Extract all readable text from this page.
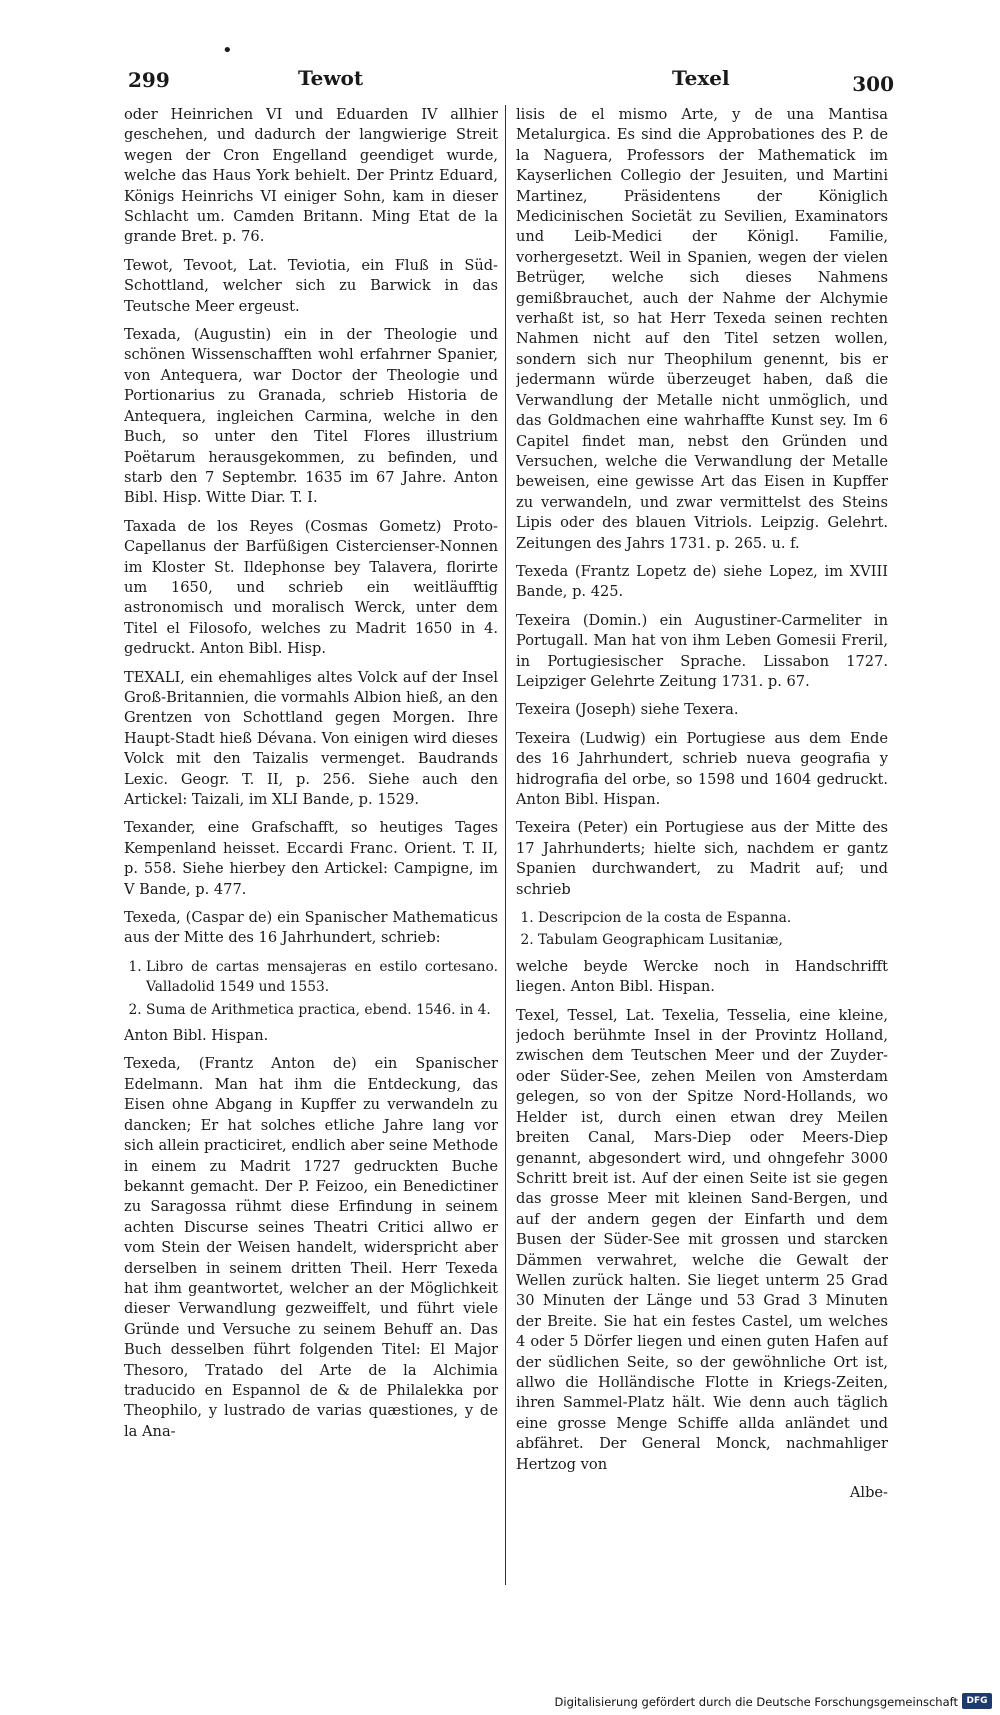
299	Tewot	Texel	300
•

oder Heinrichen VI und Eduarden IV allhier geschehen, und dadurch der langwierige Streit wegen der Cron Engelland geendiget wurde, welche das Haus York behielt. Der Printz Eduard, Königs Heinrichs VI einiger Sohn, kam in dieser Schlacht um. Camden Britann. Ming Etat de la grande Bret. p. 76.

Tewot, Tevoot, Lat. Teviotia, ein Fluß in Süd-Schottland, welcher sich zu Barwick in das Teutsche Meer ergeust.

Texada, (Augustin) ein in der Theologie und schönen Wissenschafften wohl erfahrner Spanier, von Antequera, war Doctor der Theologie und Portionarius zu Granada, schrieb Historia de Antequera, ingleichen Carmina, welche in den Buch, so unter den Titel Flores illustrium Poëtarum herausgekommen, zu befinden, und starb den 7 Septembr. 1635 im 67 Jahre. Anton Bibl. Hisp. Witte Diar. T. I.

Taxada de los Reyes (Cosmas Gometz) Proto-Capellanus der Barfüßigen Cistercienser-Nonnen im Kloster St. Ildephonse bey Talavera, florirte um 1650, und schrieb ein weitläufftig astronomisch und moralisch Werck, unter dem Titel el Filosofo, welches zu Madrit 1650 in 4. gedruckt. Anton Bibl. Hisp.

TEXALI, ein ehemahliges altes Volck auf der Insel Groß-Britannien, die vormahls Albion hieß, an den Grentzen von Schottland gegen Morgen. Ihre Haupt-Stadt hieß Dévana. Von einigen wird dieses Volck mit den Taizalis vermenget. Baudrands Lexic. Geogr. T. II, p. 256. Siehe auch den Artickel: Taizali, im XLI Bande, p. 1529.

Texander, eine Grafschafft, so heutiges Tages Kempenland heisset. Eccardi Franc. Orient. T. II, p. 558. Siehe hierbey den Artickel: Campigne, im V Bande, p. 477.

Texeda, (Caspar de) ein Spanischer Mathematicus aus der Mitte des 16 Jahrhundert, schrieb:

1. Libro de cartas mensajeras en estilo cortesano. Valladolid 1549 und 1553.
2. Suma de Arithmetica practica, ebend. 1546. in 4.

Anton Bibl. Hispan.

Texeda, (Frantz Anton de) ein Spanischer Edelmann. Man hat ihm die Entdeckung, das Eisen ohne Abgang in Kupffer zu verwandeln zu dancken; Er hat solches etliche Jahre lang vor sich allein practiciret, endlich aber seine Methode in einem zu Madrit 1727 gedruckten Buche bekannt gemacht. Der P. Feizoo, ein Benedictiner zu Saragossa rühmt diese Erfindung in seinem achten Discurse seines Theatri Critici allwo er vom Stein der Weisen handelt, widerspricht aber derselben in seinem dritten Theil. Herr Texeda hat ihm geantwortet, welcher an der Möglichkeit dieser Verwandlung gezweiffelt, und führt viele Gründe und Versuche zu seinem Behuff an. Das Buch desselben führt folgenden Titel: El Major Thesoro, Tratado del Arte de la Alchimia traducido en Espannol de & de Philalekka por Theophilo, y lustrado de varias quæstiones, y de la Ana-

lisis de el mismo Arte, y de una Mantisa Metalurgica. Es sind die Approbationes des P. de la Naguera, Professors der Mathematick im Kayserlichen Collegio der Jesuiten, und Martini Martinez, Präsidentens der Königlich Medicinischen Societät zu Sevilien, Examinators und Leib-Medici der Königl. Familie, vorhergesetzt. Weil in Spanien, wegen der vielen Betrüger, welche sich dieses Nahmens gemißbrauchet, auch der Nahme der Alchymie verhaßt ist, so hat Herr Texeda seinen rechten Nahmen nicht auf den Titel setzen wollen, sondern sich nur Theophilum genennt, bis er jedermann würde überzeuget haben, daß die Verwandlung der Metalle nicht unmöglich, und das Goldmachen eine wahrhaffte Kunst sey. Im 6 Capitel findet man, nebst den Gründen und Versuchen, welche die Verwandlung der Metalle beweisen, eine gewisse Art das Eisen in Kupffer zu verwandeln, und zwar vermittelst des Steins Lipis oder des blauen Vitriols. Leipzig. Gelehrt. Zeitungen des Jahrs 1731. p. 265. u. f.

Texeda (Frantz Lopetz de) siehe Lopez, im XVIII Bande, p. 425.

Texeira (Domin.) ein Augustiner-Carmeliter in Portugall. Man hat von ihm Leben Gomesii Freril, in Portugiesischer Sprache. Lissabon 1727. Leipziger Gelehrte Zeitung 1731. p. 67.

Texeira (Joseph) siehe Texera.

Texeira (Ludwig) ein Portugiese aus dem Ende des 16 Jahrhundert, schrieb nueva geografia y hidrografia del orbe, so 1598 und 1604 gedruckt. Anton Bibl. Hispan.

Texeira (Peter) ein Portugiese aus der Mitte des 17 Jahrhunderts; hielte sich, nachdem er gantz Spanien durchwandert, zu Madrit auf; und schrieb

1. Descripcion de la costa de Espanna.
2. Tabulam Geographicam Lusitaniæ,

welche beyde Wercke noch in Handschrifft liegen. Anton Bibl. Hispan.

Texel, Tessel, Lat. Texelia, Tesselia, eine kleine, jedoch berühmte Insel in der Provintz Holland, zwischen dem Teutschen Meer und der Zuyder- oder Süder-See, zehen Meilen von Amsterdam gelegen, so von der Spitze Nord-Hollands, wo Helder ist, durch einen etwan drey Meilen breiten Canal, Mars-Diep oder Meers-Diep genannt, abgesondert wird, und ohngefehr 3000 Schritt breit ist. Auf der einen Seite ist sie gegen das grosse Meer mit kleinen Sand-Bergen, und auf der andern gegen der Einfarth und dem Busen der Süder-See mit grossen und starcken Dämmen verwahret, welche die Gewalt der Wellen zurück halten. Sie lieget unterm 25 Grad 30 Minuten der Länge und 53 Grad 3 Minuten der Breite. Sie hat ein festes Castel, um welches 4 oder 5 Dörfer liegen und einen guten Hafen auf der südlichen Seite, so der gewöhnliche Ort ist, allwo die Holländische Flotte in Kriegs-Zeiten, ihren Sammel-Platz hält. Wie denn auch täglich eine grosse Menge Schiffe allda anländet und abfähret. Der General Monck, nachmahliger Hertzog von

Albe-
Digitalisierung gefördert durch die Deutsche Forschungsgemeinschaft DFG
